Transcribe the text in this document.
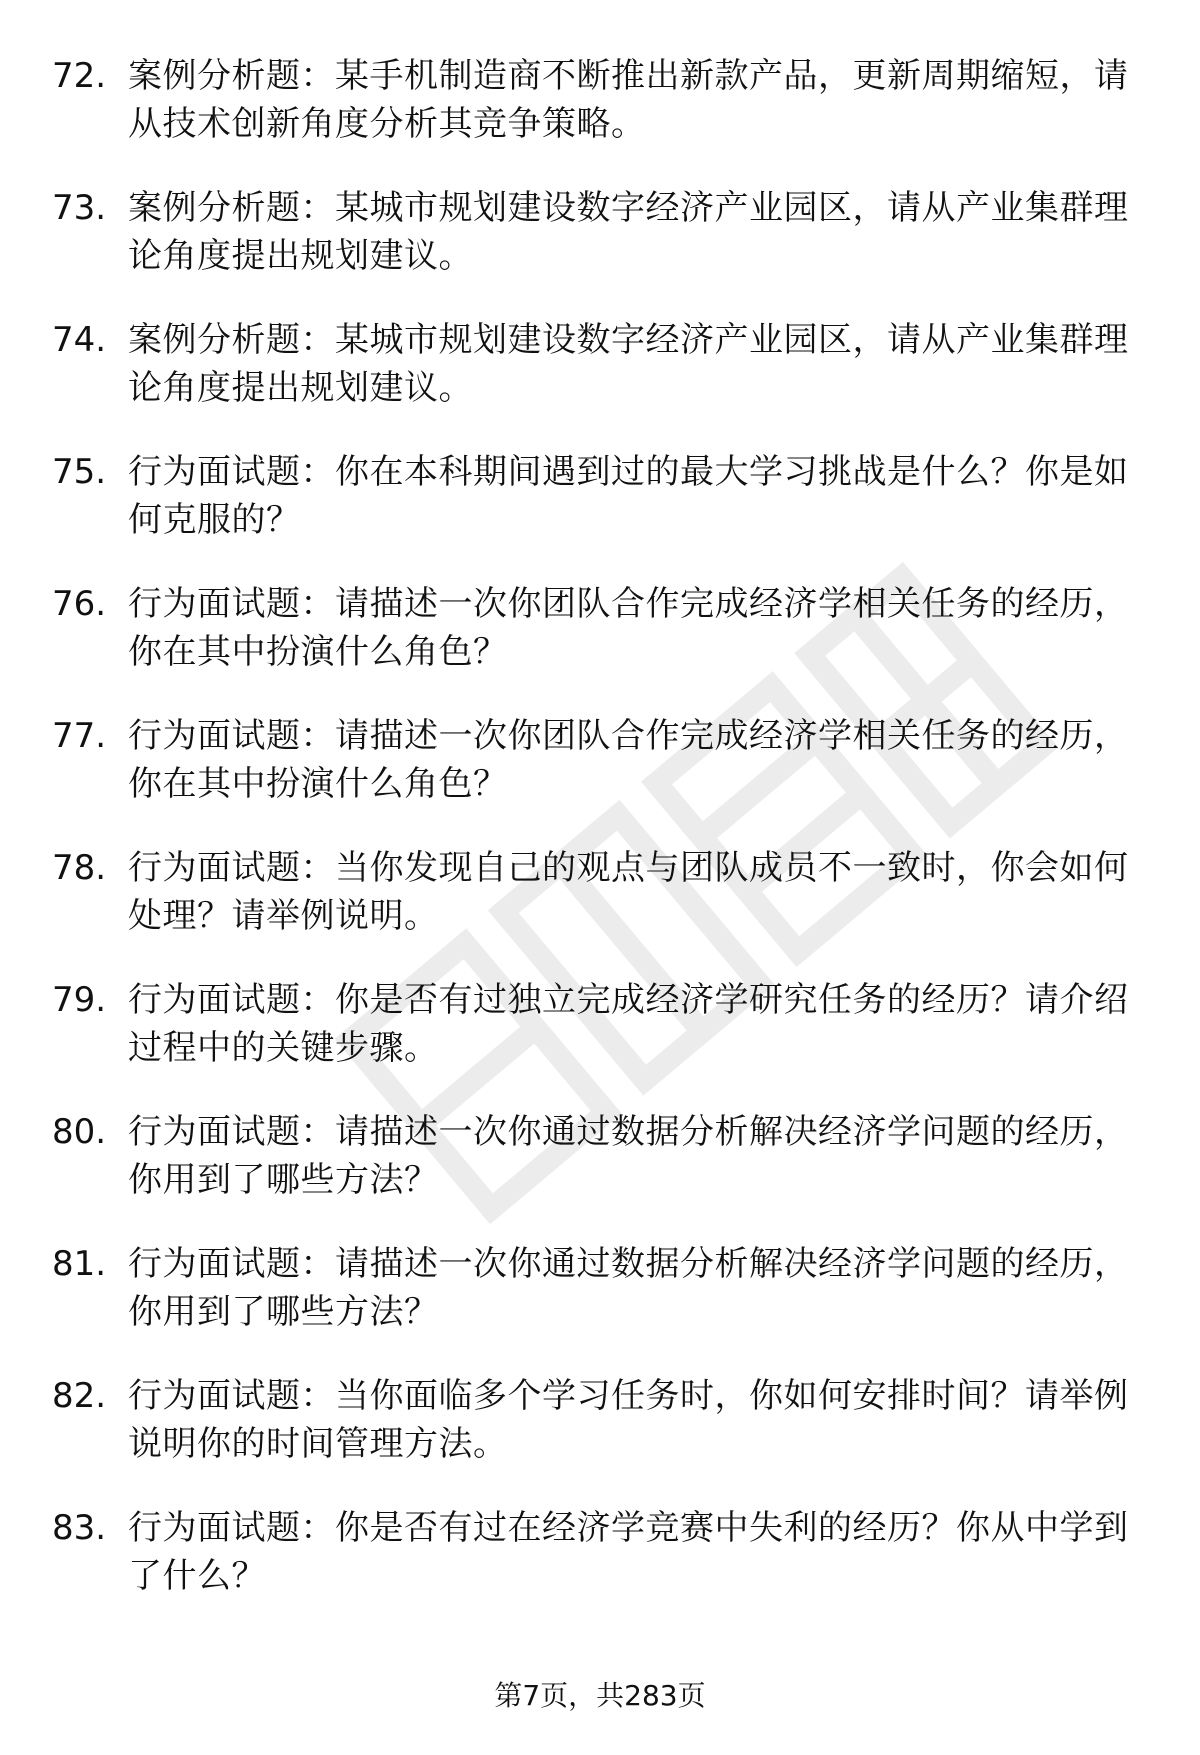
72. 案例分析题：某手机制造商不断推出新款产品，更新周期缩短，请从技术创新角度分析其竞争策略。
73. 案例分析题：某城市规划建设数字经济产业园区，请从产业集群理论角度提出规划建议。
74. 案例分析题：某城市规划建设数字经济产业园区，请从产业集群理论角度提出规划建议。
75. 行为面试题：你在本科期间遇到过的最大学习挑战是什么？你是如何克服的？
76. 行为面试题：请描述一次你团队合作完成经济学相关任务的经历，你在其中扮演什么角色？
77. 行为面试题：请描述一次你团队合作完成经济学相关任务的经历，你在其中扮演什么角色？
78. 行为面试题：当你发现自己的观点与团队成员不一致时，你会如何处理？请举例说明。
79. 行为面试题：你是否有过独立完成经济学研究任务的经历？请介绍过程中的关键步骤。
80. 行为面试题：请描述一次你通过数据分析解决经济学问题的经历，你用到了哪些方法？
81. 行为面试题：请描述一次你通过数据分析解决经济学问题的经历，你用到了哪些方法？
82. 行为面试题：当你面临多个学习任务时，你如何安排时间？请举例说明你的时间管理方法。
83. 行为面试题：你是否有过在经济学竞赛中失利的经历？你从中学到了什么？
第7页，共283页
